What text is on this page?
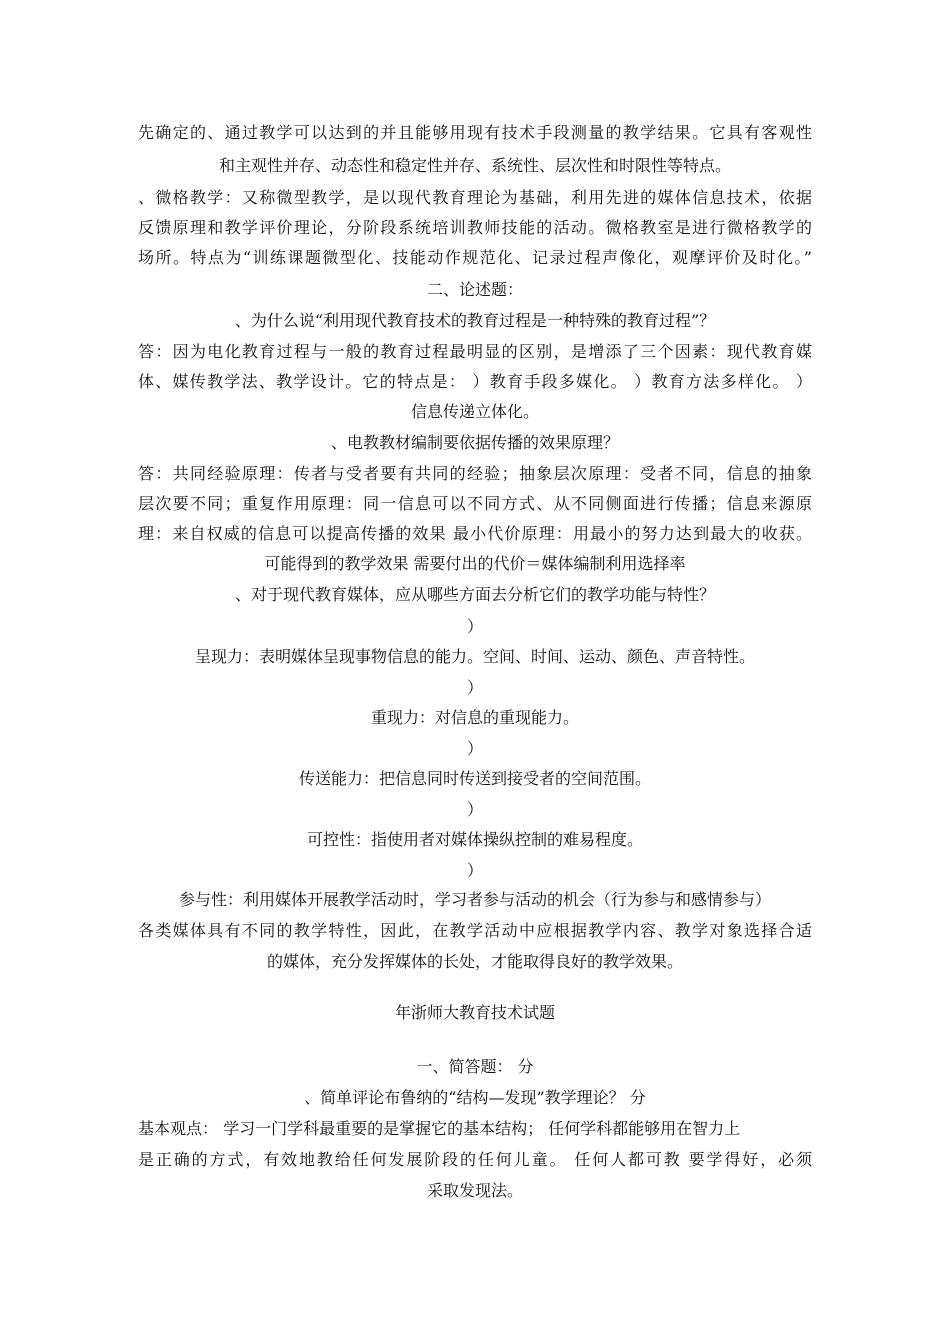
先确定的、通过教学可以达到的并且能够用现有技术手段测量的教学结果。它具有客观性
和主观性并存、动态性和稳定性并存、系统性、层次性和时限性等特点。
、微格教学：又称微型教学，是以现代教育理论为基础，利用先进的媒体信息技术，依据
反馈原理和教学评价理论，分阶段系统培训教师技能的活动。微格教室是进行微格教学的
场所。特点为“训练课题微型化、技能动作规范化、记录过程声像化，观摩评价及时化。”
二、论述题：
、为什么说“利用现代教育技术的教育过程是一种特殊的教育过程”？
答：因为电化教育过程与一般的教育过程最明显的区别，是增添了三个因素：现代教育媒
体、媒传教学法、教学设计。它的特点是： ）教育手段多媒化。 ）教育方法多样化。 ）
信息传递立体化。
、电教教材编制要依据传播的效果原理？
答：共同经验原理：传者与受者要有共同的经验；抽象层次原理：受者不同，信息的抽象
层次要不同；重复作用原理：同一信息可以不同方式、从不同侧面进行传播；信息来源原
理：来自权威的信息可以提高传播的效果 最小代价原理：用最小的努力达到最大的收获。
可能得到的教学效果 需要付出的代价＝媒体编制利用选择率
、对于现代教育媒体，应从哪些方面去分析它们的教学功能与特性？
）
呈现力：表明媒体呈现事物信息的能力。空间、时间、运动、颜色、声音特性。
）
重现力：对信息的重现能力。
）
传送能力：把信息同时传送到接受者的空间范围。
）
可控性：指使用者对媒体操纵控制的难易程度。
）
参与性：利用媒体开展教学活动时，学习者参与活动的机会（行为参与和感情参与）
各类媒体具有不同的教学特性，因此，在教学活动中应根据教学内容、教学对象选择合适
的媒体，充分发挥媒体的长处，才能取得良好的教学效果。
年浙师大教育技术试题
一、简答题： 分
、简单评论布鲁纳的“结构—发现”教学理论？ 分
基本观点： 学习一门学科最重要的是掌握它的基本结构； 任何学科都能够用在智力上
是正确的方式，有效地教给任何发展阶段的任何儿童。 任何人都可教 要学得好，必须
采取发现法。
